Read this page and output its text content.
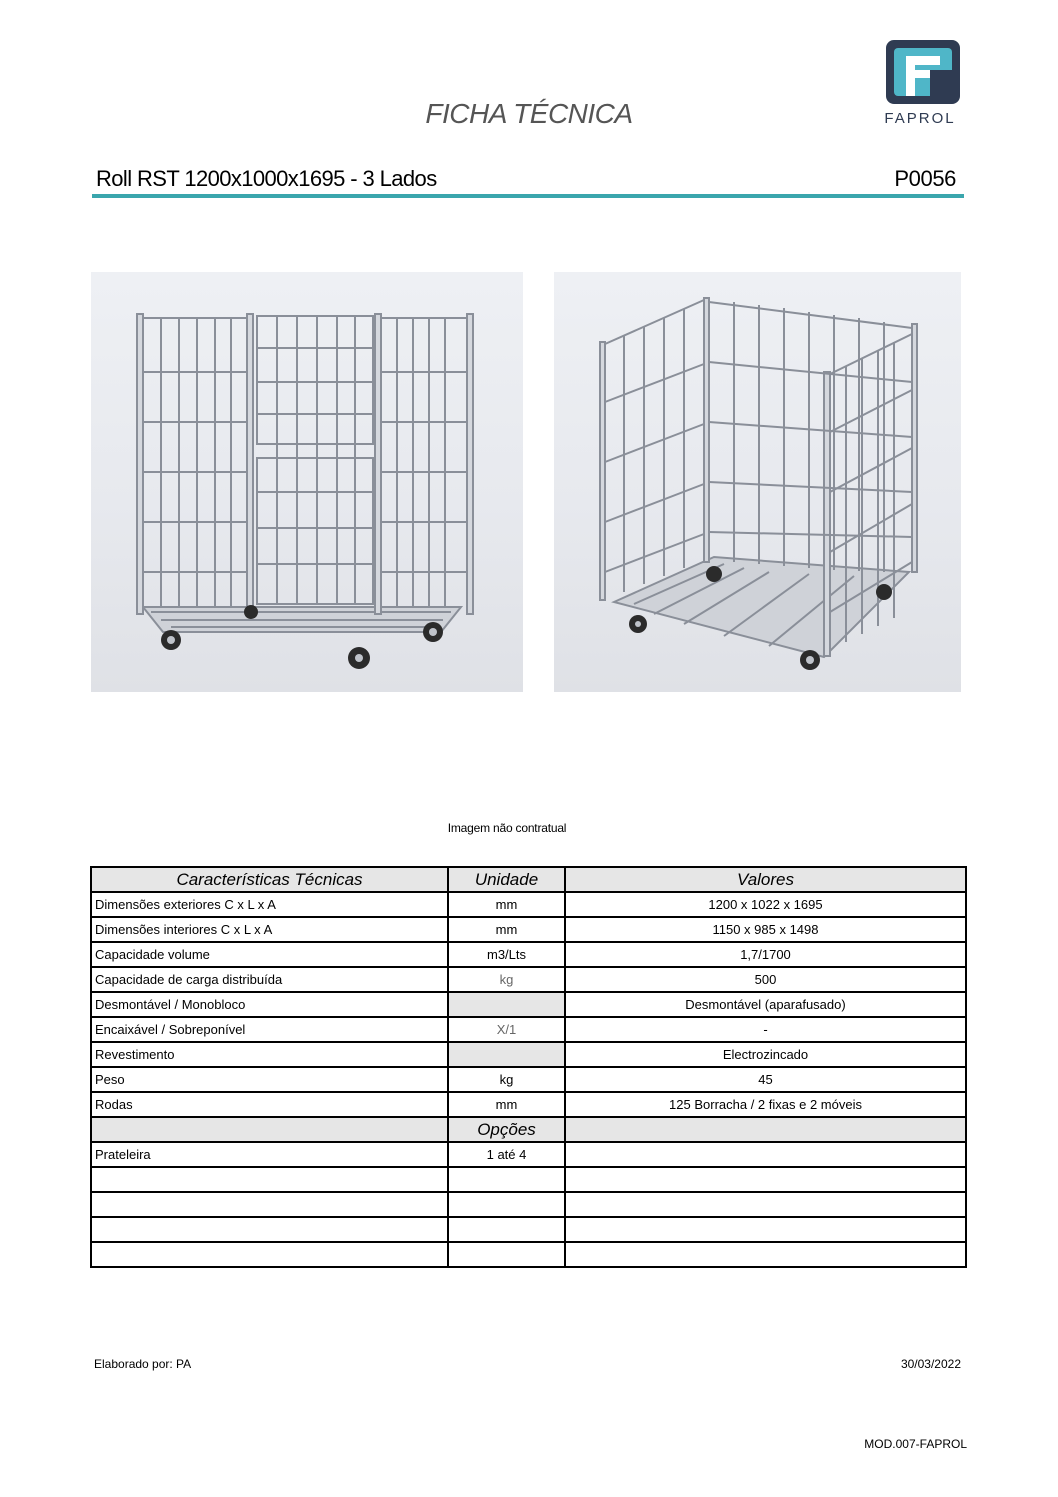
FICHA TÉCNICA	FAPROL
Roll RST 1200x1000x1695 - 3 Lados	P0056
Imagem não contratual
Características Técnicas	Unidade	Valores
Dimensões exteriores C x L x A	mm	1200 x 1022 x 1695
Dimensões interiores C x L x A	mm	1150 x 985 x 1498
Capacidade volume	m3/Lts	1,7/1700
Capacidade de carga distribuída	kg	500
Desmontável / Monobloco		Desmontável (aparafusado)
Encaixável / Sobreponível	X/1	-
Revestimento		Electrozincado
Peso	kg	45
Rodas	mm	125 Borracha / 2 fixas e 2 móveis
	Opções	
Prateleira	1 até 4	

Elaborado por: PA	30/03/2022
MOD.007-FAPROL
